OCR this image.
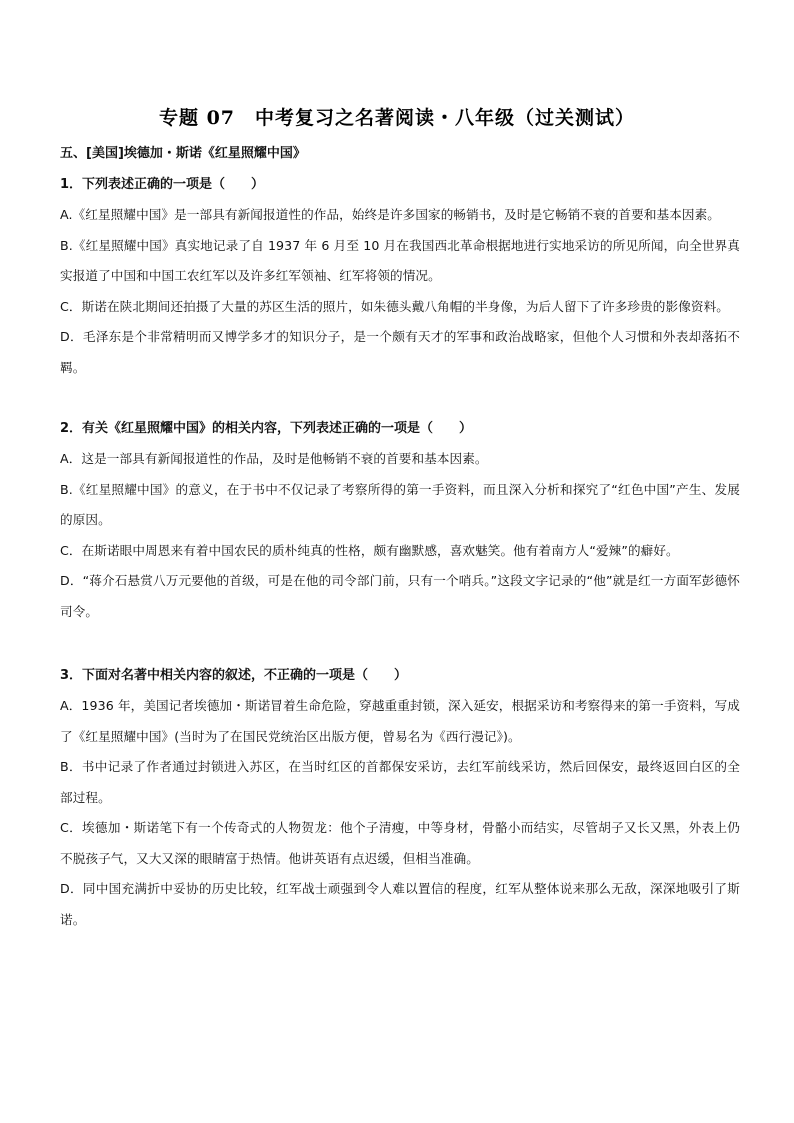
专题 07　中考复习之名著阅读・八年级（过关测试）
五、[美国]埃德加・斯诺《红星照耀中国》
1．下列表述正确的一项是（　　）
A.《红星照耀中国》是一部具有新闻报道性的作品，始终是许多国家的畅销书，及时是它畅销不衰的首要和基本因素。
B.《红星照耀中国》真实地记录了自 1937 年 6 月至 10 月在我国西北革命根据地进行实地采访的所见所闻，向全世界真实报道了中国和中国工农红军以及许多红军领袖、红军将领的情况。
C．斯诺在陕北期间还拍摄了大量的苏区生活的照片，如朱德头戴八角帽的半身像，为后人留下了许多珍贵的影像资料。
D．毛泽东是个非常精明而又博学多才的知识分子，是一个颇有天才的军事和政治战略家，但他个人习惯和外表却落拓不羁。
2．有关《红星照耀中国》的相关内容，下列表述正确的一项是（　　）
A．这是一部具有新闻报道性的作品，及时是他畅销不衰的首要和基本因素。
B.《红星照耀中国》的意义，在于书中不仅记录了考察所得的第一手资料，而且深入分析和探究了“红色中国”产生、发展的原因。
C．在斯诺眼中周恩来有着中国农民的质朴纯真的性格，颇有幽默感，喜欢魅笑。他有着南方人“爱辣”的癖好。
D．“蒋介石悬赏八万元要他的首级，可是在他的司令部门前，只有一个哨兵。”这段文字记录的“他”就是红一方面军彭德怀司令。
3．下面对名著中相关内容的叙述，不正确的一项是（　　）
A．1936 年，美国记者埃德加・斯诺冒着生命危险，穿越重重封锁，深入延安，根据采访和考察得来的第一手资料，写成了《红星照耀中国》(当时为了在国民党统治区出版方便，曾易名为《西行漫记》)。
B．书中记录了作者通过封锁进入苏区，在当时红区的首都保安采访，去红军前线采访，然后回保安，最终返回白区的全部过程。
C．埃德加・斯诺笔下有一个传奇式的人物贺龙：他个子清瘦，中等身材，骨骼小而结实，尽管胡子又长又黑，外表上仍不脱孩子气，又大又深的眼睛富于热情。他讲英语有点迟缓，但相当准确。
D．同中国充满折中妥协的历史比较，红军战士顽强到令人难以置信的程度，红军从整体说来那么无敌，深深地吸引了斯诺。
